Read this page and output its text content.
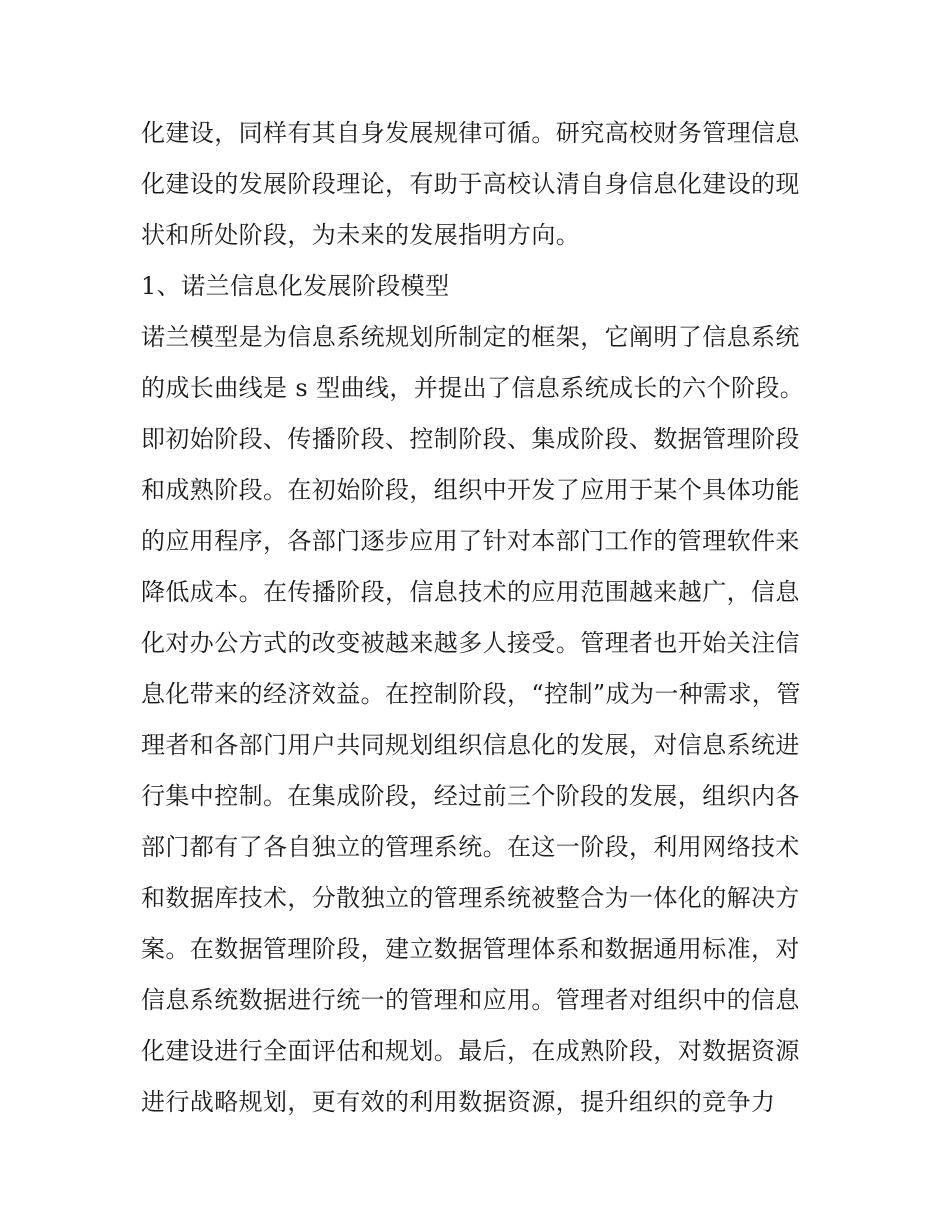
化建设，同样有其自身发展规律可循。研究高校财务管理信息
化建设的发展阶段理论，有助于高校认清自身信息化建设的现
状和所处阶段，为未来的发展指明方向。
1、诺兰信息化发展阶段模型
诺兰模型是为信息系统规划所制定的框架，它阐明了信息系统
的成长曲线是 s 型曲线，并提出了信息系统成长的六个阶段。
即初始阶段、传播阶段、控制阶段、集成阶段、数据管理阶段
和成熟阶段。在初始阶段，组织中开发了应用于某个具体功能
的应用程序，各部门逐步应用了针对本部门工作的管理软件来
降低成本。在传播阶段，信息技术的应用范围越来越广，信息
化对办公方式的改变被越来越多人接受。管理者也开始关注信
息化带来的经济效益。在控制阶段，“控制”成为一种需求，管
理者和各部门用户共同规划组织信息化的发展，对信息系统进
行集中控制。在集成阶段，经过前三个阶段的发展，组织内各
部门都有了各自独立的管理系统。在这一阶段，利用网络技术
和数据库技术，分散独立的管理系统被整合为一体化的解决方
案。在数据管理阶段，建立数据管理体系和数据通用标准，对
信息系统数据进行统一的管理和应用。管理者对组织中的信息
化建设进行全面评估和规划。最后，在成熟阶段，对数据资源
进行战略规划，更有效的利用数据资源，提升组织的竞争力
